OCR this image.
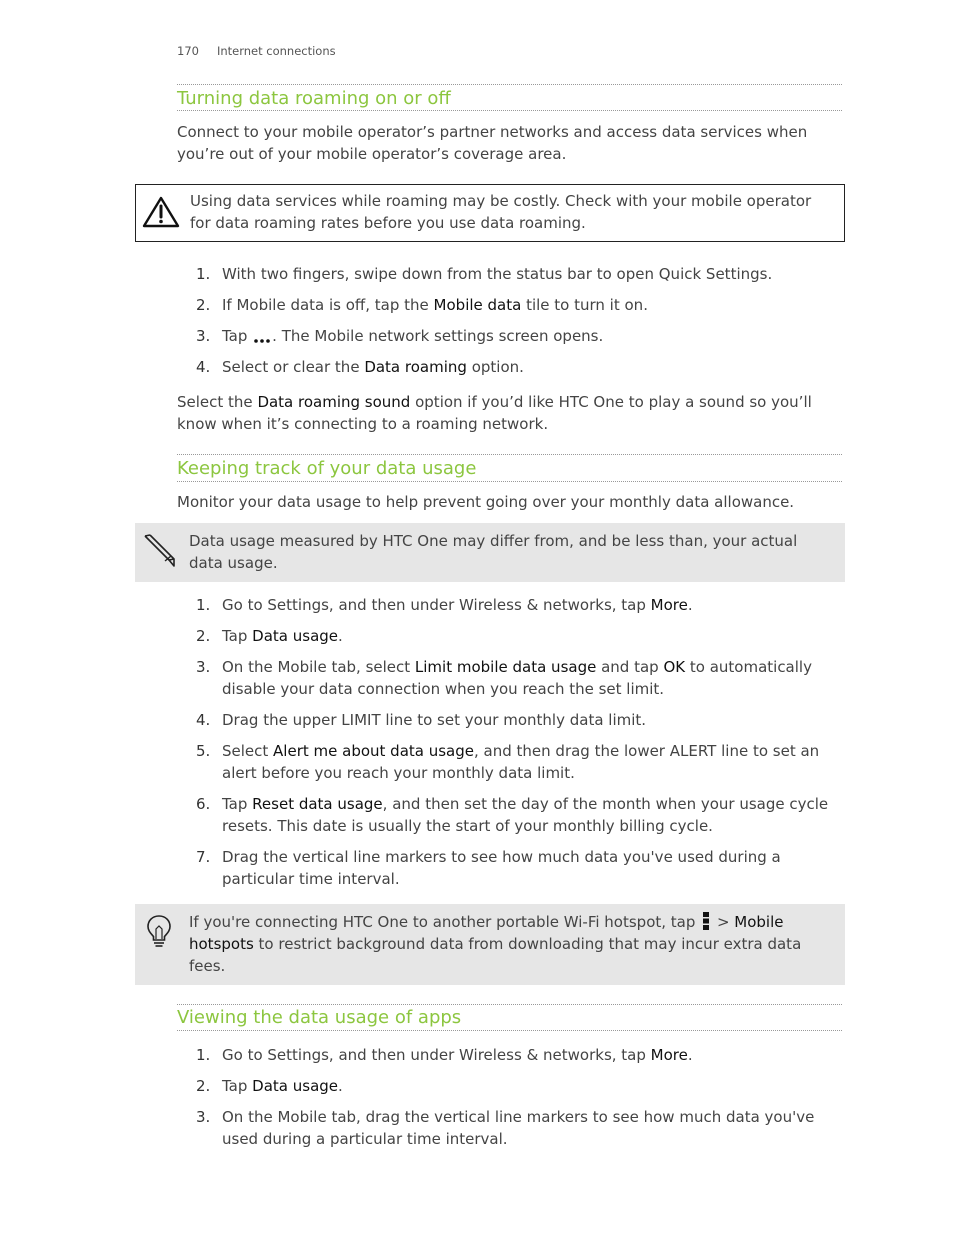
170 Internet connections
Turning data roaming on or off

Connect to your mobile operator’s partner networks and access data services when you’re out of your mobile operator’s coverage area.

Using data services while roaming may be costly. Check with your mobile operator for data roaming rates before you use data roaming.
1. With two fingers, swipe down from the status bar to open Quick Settings.
2. If Mobile data is off, tap the Mobile data tile to turn it on.
3. Tap . The Mobile network settings screen opens.
4. Select or clear the Data roaming option.

Select the Data roaming sound option if you’d like HTC One to play a sound so you’ll know when it’s connecting to a roaming network.

Keeping track of your data usage

Monitor your data usage to help prevent going over your monthly data allowance.

Data usage measured by HTC One may differ from, and be less than, your actual data usage.
1. Go to Settings, and then under Wireless & networks, tap More.
2. Tap Data usage.
3. On the Mobile tab, select Limit mobile data usage and tap OK to automatically disable your data connection when you reach the set limit.
4. Drag the upper LIMIT line to set your monthly data limit.
5. Select Alert me about data usage, and then drag the lower ALERT line to set an alert before you reach your monthly data limit.
6. Tap Reset data usage, and then set the day of the month when your usage cycle resets. This date is usually the start of your monthly billing cycle.
7. Drag the vertical line markers to see how much data you've used during a particular time interval.
If you're connecting HTC One to another portable Wi-Fi hotspot, tap  > Mobile hotspots to restrict background data from downloading that may incur extra data fees.
Viewing the data usage of apps
1. Go to Settings, and then under Wireless & networks, tap More.
2. Tap Data usage.
3. On the Mobile tab, drag the vertical line markers to see how much data you've used during a particular time interval.
